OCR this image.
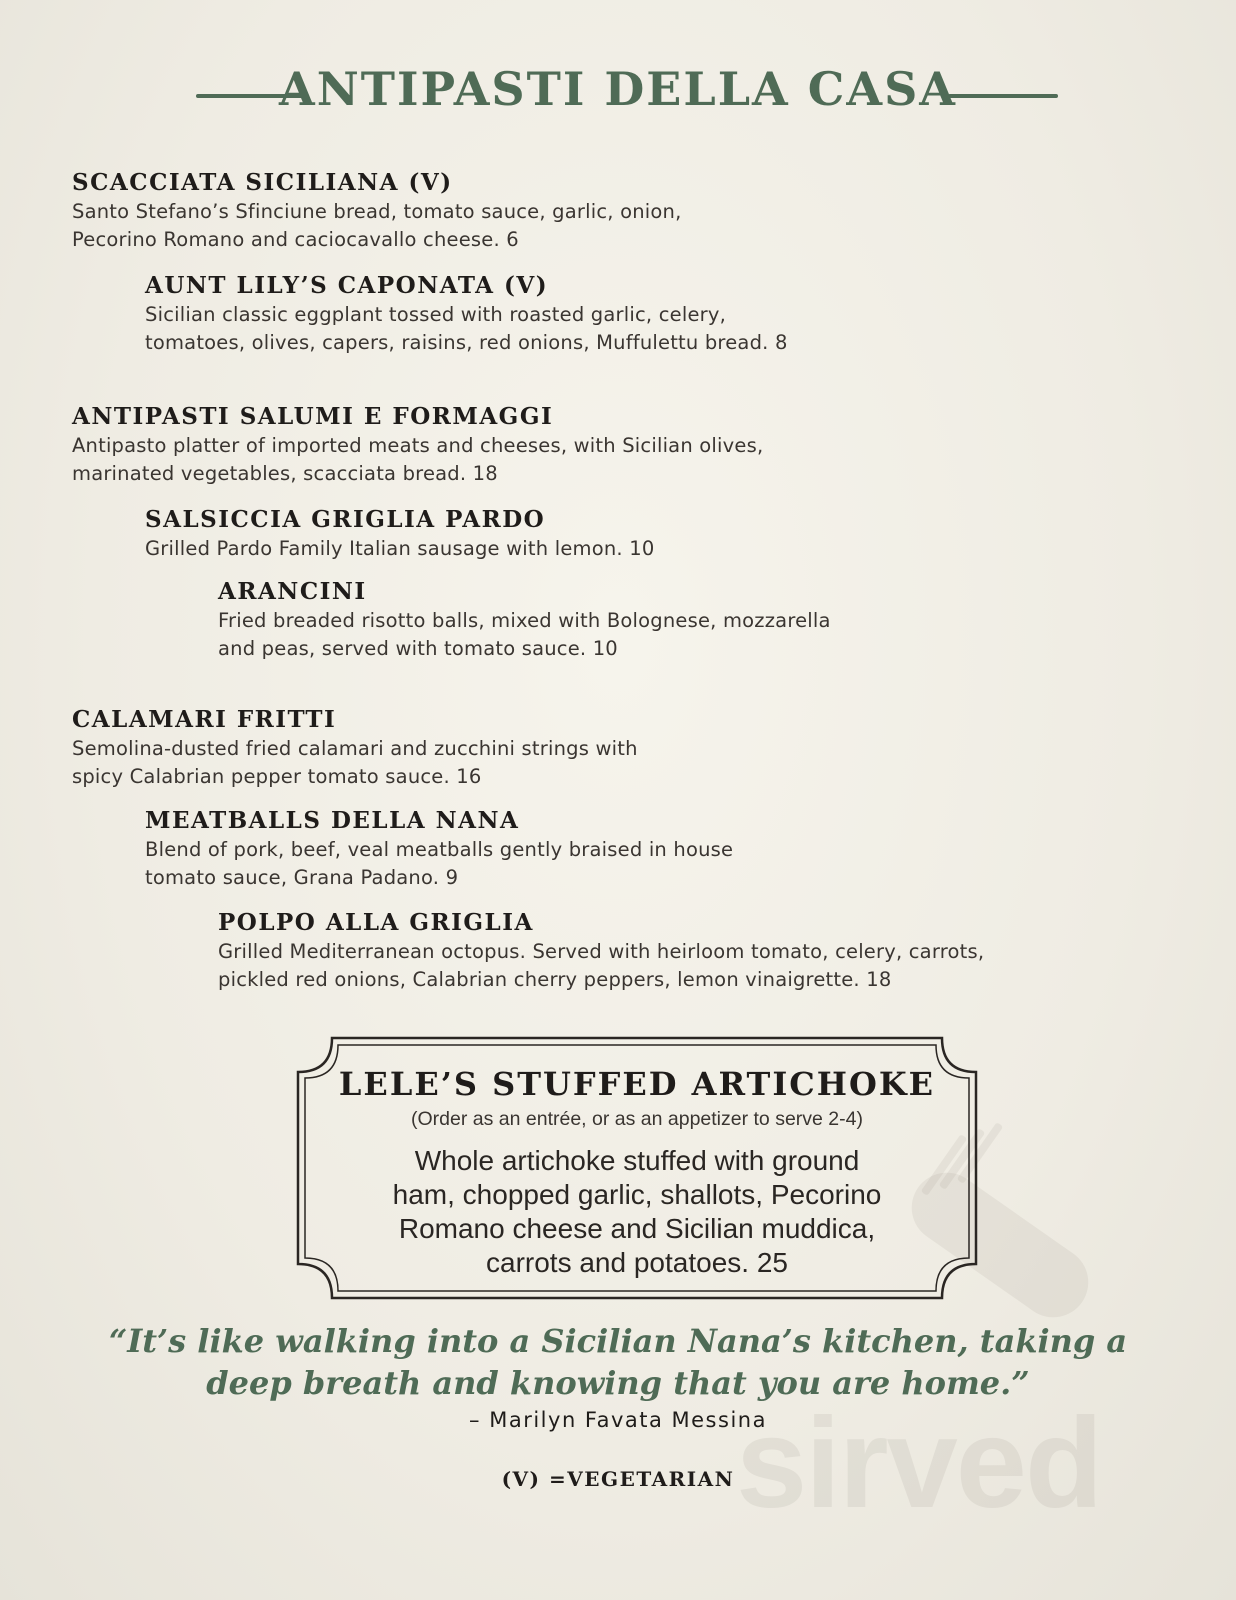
sirved
ANTIPASTI DELLA CASA
SCACCIATA SICILIANA (V)
Santo Stefano’s Sfinciune bread, tomato sauce, garlic, onion,
Pecorino Romano and caciocavallo cheese. 6
AUNT LILY’S CAPONATA (V)
Sicilian classic eggplant tossed with roasted garlic, celery,
tomatoes, olives, capers, raisins, red onions, Muffulettu bread. 8
ANTIPASTI SALUMI E FORMAGGI
Antipasto platter of imported meats and cheeses, with Sicilian olives,
marinated vegetables, scacciata bread. 18
SALSICCIA GRIGLIA PARDO
Grilled Pardo Family Italian sausage with lemon. 10
ARANCINI
Fried breaded risotto balls, mixed with Bolognese, mozzarella
and peas, served with tomato sauce. 10
CALAMARI FRITTI
Semolina-dusted fried calamari and zucchini strings with
spicy Calabrian pepper tomato sauce. 16
MEATBALLS DELLA NANA
Blend of pork, beef, veal meatballs gently braised in house
tomato sauce, Grana Padano. 9
POLPO ALLA GRIGLIA
Grilled Mediterranean octopus. Served with heirloom tomato, celery, carrots,
pickled red onions, Calabrian cherry peppers, lemon vinaigrette. 18
LELE’S STUFFED ARTICHOKE
(Order as an entrée, or as an appetizer to serve 2-4)
Whole artichoke stuffed with ground
ham, chopped garlic, shallots, Pecorino
Romano cheese and Sicilian muddica,
carrots and potatoes. 25
“It’s like walking into a Sicilian Nana’s kitchen, taking a
deep breath and knowing that you are home.”
– Marilyn Favata Messina
(V) =VEGETARIAN
